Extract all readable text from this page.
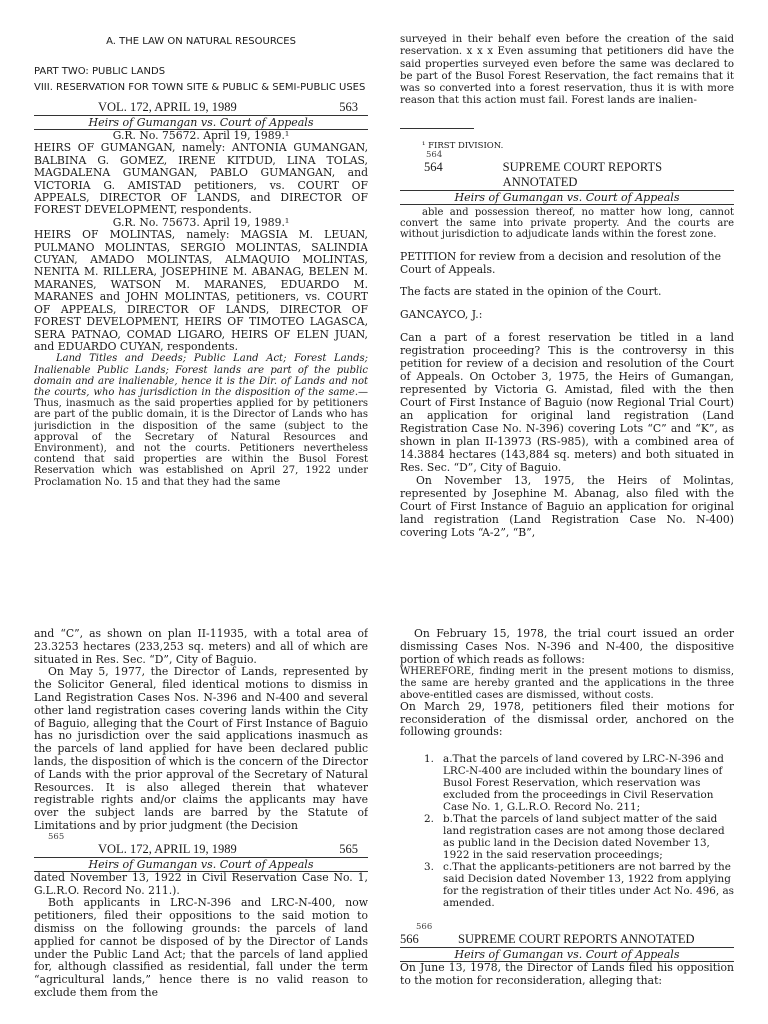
A. THE LAW ON NATURAL RESOURCES

PART TWO: PUBLIC LANDS

VIII. RESERVATION FOR TOWN SITE & PUBLIC & SEMI-PUBLIC USES

VOL. 172, APRIL 19, 1989	563
Heirs of Gumangan vs. Court of Appeals

G.R. No. 75672. April 19, 1989.¹

HEIRS OF GUMANGAN, namely: ANTONIA GUMANGAN, BALBINA G. GOMEZ, IRENE KITDUD, LINA TOLAS, MAGDALENA GUMANGAN, PABLO GUMANGAN, and VICTORIA G. AMISTAD petitioners, vs. COURT OF APPEALS, DIRECTOR OF LANDS, and DIRECTOR OF FOREST DEVELOPMENT, respondents.

G.R. No. 75673. April 19, 1989.¹

HEIRS OF MOLINTAS, namely: MAGSIA M. LEUAN, PULMANO MOLINTAS, SERGIO MOLINTAS, SALINDIA CUYAN, AMADO MOLINTAS, ALMAQUIO MOLINTAS, NENITA M. RILLERA, JOSEPHINE M. ABANAG, BELEN M. MARANES, WATSON M. MARANES, EDUARDO M. MARANES and JOHN MOLINTAS, petitioners, vs. COURT OF APPEALS, DIRECTOR OF LANDS, DIRECTOR OF FOREST DEVELOPMENT, HEIRS OF TIMOTEO LAGASCA, SERA PATNAO, COMAD LIGARO, HEIRS OF ELEN JUAN, and EDUARDO CUYAN, respondents.

Land Titles and Deeds; Public Land Act; Forest Lands; Inalienable Public Lands; Forest lands are part of the public domain and are inalienable, hence it is the Dir. of Lands and not the courts, who has jurisdiction in the disposition of the same.—Thus, inasmuch as the said properties applied for by petitioners are part of the public domain, it is the Director of Lands who has jurisdiction in the disposition of the same (subject to the approval of the Secretary of Natural Resources and Environment), and not the courts. Petitioners nevertheless contend that said properties are within the Busol Forest Reservation which was established on April 27, 1922 under Proclamation No. 15 and that they had the same

surveyed in their behalf even before the creation of the said reservation. x x x Even assuming that petitioners did have the said properties surveyed even before the same was declared to be part of the Busol Forest Reservation, the fact remains that it was so converted into a forest reservation, thus it is with more reason that this action must fail. Forest lands are inalien-

¹ FIRST DIVISION.

564

564	SUPREME COURT REPORTS ANNOTATED
Heirs of Gumangan vs. Court of Appeals

able and possession thereof, no matter how long, cannot convert the same into private property. And the courts are without jurisdiction to adjudicate lands within the forest zone.

PETITION for review from a decision and resolution of the Court of Appeals.

The facts are stated in the opinion of the Court.

GANCAYCO, J.:

Can a part of a forest reservation be titled in a land registration proceeding? This is the controversy in this petition for review of a decision and resolution of the Court of Appeals. On October 3, 1975, the Heirs of Gumangan, represented by Victoria G. Amistad, filed with the then Court of First Instance of Baguio (now Regional Trial Court) an application for original land registration (Land Registration Case No. N-396) covering Lots “C” and “K”, as shown in plan II-13973 (RS-985), with a combined area of 14.3884 hectares (143,884 sq. meters) and both situated in Res. Sec. “D”, City of Baguio.

On November 13, 1975, the Heirs of Molintas, represented by Josephine M. Abanag, also filed with the Court of First Instance of Baguio an application for original land registration (Land Registration Case No. N-400) covering Lots “A-2”, “B”,

and “C”, as shown on plan II-11935, with a total area of 23.3253 hectares (233,253 sq. meters) and all of which are situated in Res. Sec. “D”, City of Baguio.

On May 5, 1977, the Director of Lands, represented by the Solicitor General, filed identical motions to dismiss in Land Registration Cases Nos. N-396 and N-400 and several other land registration cases covering lands within the City of Baguio, alleging that the Court of First Instance of Baguio has no jurisdiction over the said applications inasmuch as the parcels of land applied for have been declared public lands, the disposition of which is the concern of the Director of Lands with the prior approval of the Secretary of Natural Resources. It is also alleged therein that whatever registrable rights and/or claims the applicants may have over the subject lands are barred by the Statute of Limitations and by prior judgment (the Decision

565

VOL. 172, APRIL 19, 1989	565
Heirs of Gumangan vs. Court of Appeals

dated November 13, 1922 in Civil Reservation Case No. 1, G.L.R.O. Record No. 211.).

Both applicants in LRC-N-396 and LRC-N-400, now petitioners, filed their oppositions to the said motion to dismiss on the following grounds: the parcels of land applied for cannot be disposed of by the Director of Lands under the Public Land Act; that the parcels of land applied for, although classified as residential, fall under the term “agricultural lands,” hence there is no valid reason to exclude them from the

On February 15, 1978, the trial court issued an order dismissing Cases Nos. N-396 and N-400, the dispositive portion of which reads as follows:

WHEREFORE, finding merit in the present motions to dismiss, the same are hereby granted and the applications in the three above-entitled cases are dismissed, without costs.

On March 29, 1978, petitioners filed their motions for reconsideration of the dismissal order, anchored on the following grounds:

1. a.That the parcels of land covered by LRC-N-396 and LRC-N-400 are included within the boundary lines of Busol Forest Reservation, which reservation was excluded from the proceedings in Civil Reservation Case No. 1, G.L.R.O. Record No. 211;
2. b.That the parcels of land subject matter of the said land registration cases are not among those declared as public land in the Decision dated November 13, 1922 in the said reservation proceedings;
3. c.That the applicants-petitioners are not barred by the said Decision dated November 13, 1922 from applying for the registration of their titles under Act No. 496, as amended.

566

566	SUPREME COURT REPORTS ANNOTATED
Heirs of Gumangan vs. Court of Appeals

On June 13, 1978, the Director of Lands filed his opposition to the motion for reconsideration, alleging that:
